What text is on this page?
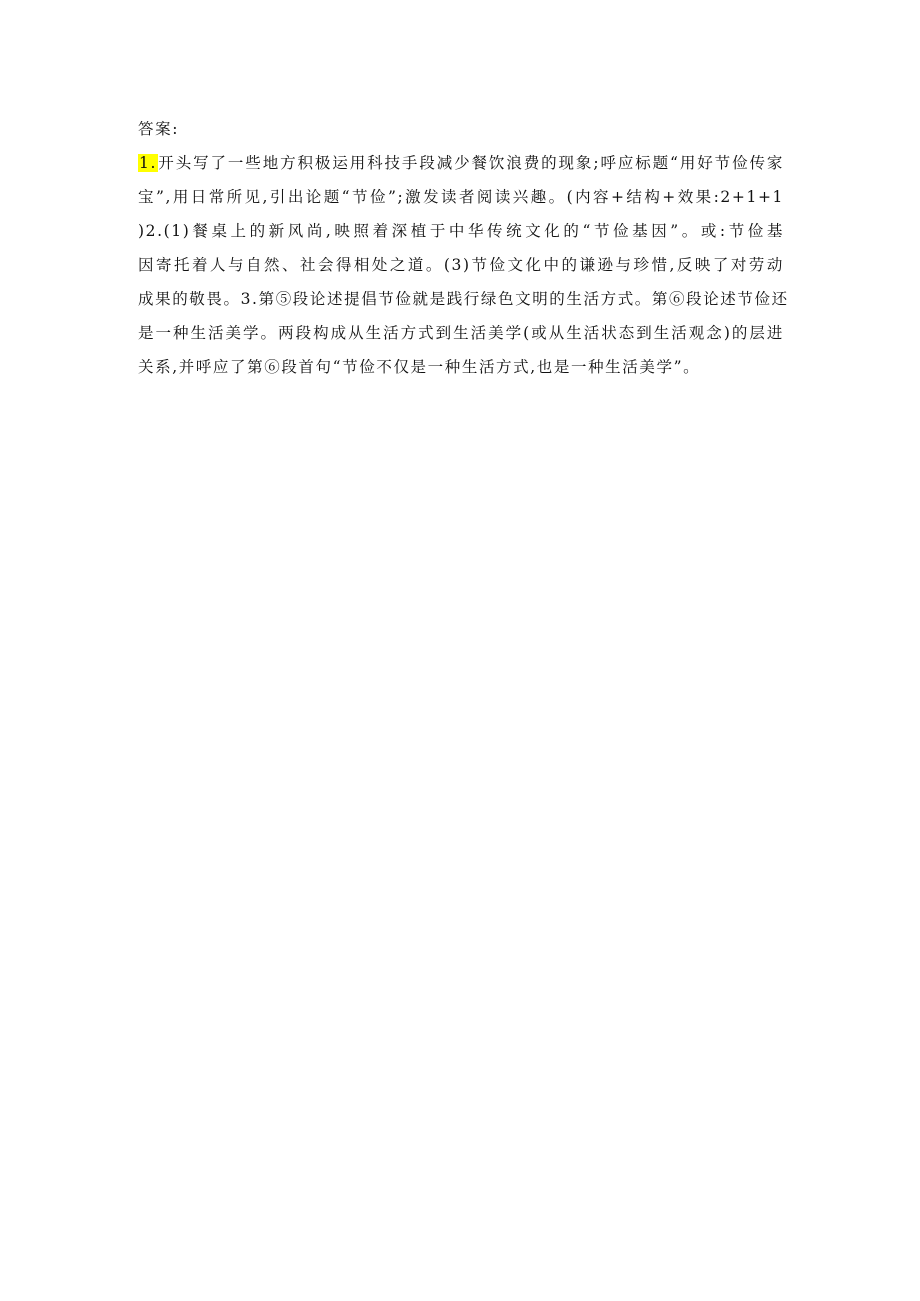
答案:
1.开头写了一些地方积极运用科技手段减少餐饮浪费的现象;呼应标题“用好节俭传家
宝”,用日常所见,引出论题“节俭”;激发读者阅读兴趣。(内容+结构+效果:2+1+1
)2.(1)餐桌上的新风尚,映照着深植于中华传统文化的“节俭基因”。或:节俭基
因寄托着人与自然、社会得相处之道。(3)节俭文化中的谦逊与珍惜,反映了对劳动
成果的敬畏。3.第⑤段论述提倡节俭就是践行绿色文明的生活方式。第⑥段论述节俭还
是一种生活美学。两段构成从生活方式到生活美学(或从生活状态到生活观念)的层进
关系,并呼应了第⑥段首句“节俭不仅是一种生活方式,也是一种生活美学”。
